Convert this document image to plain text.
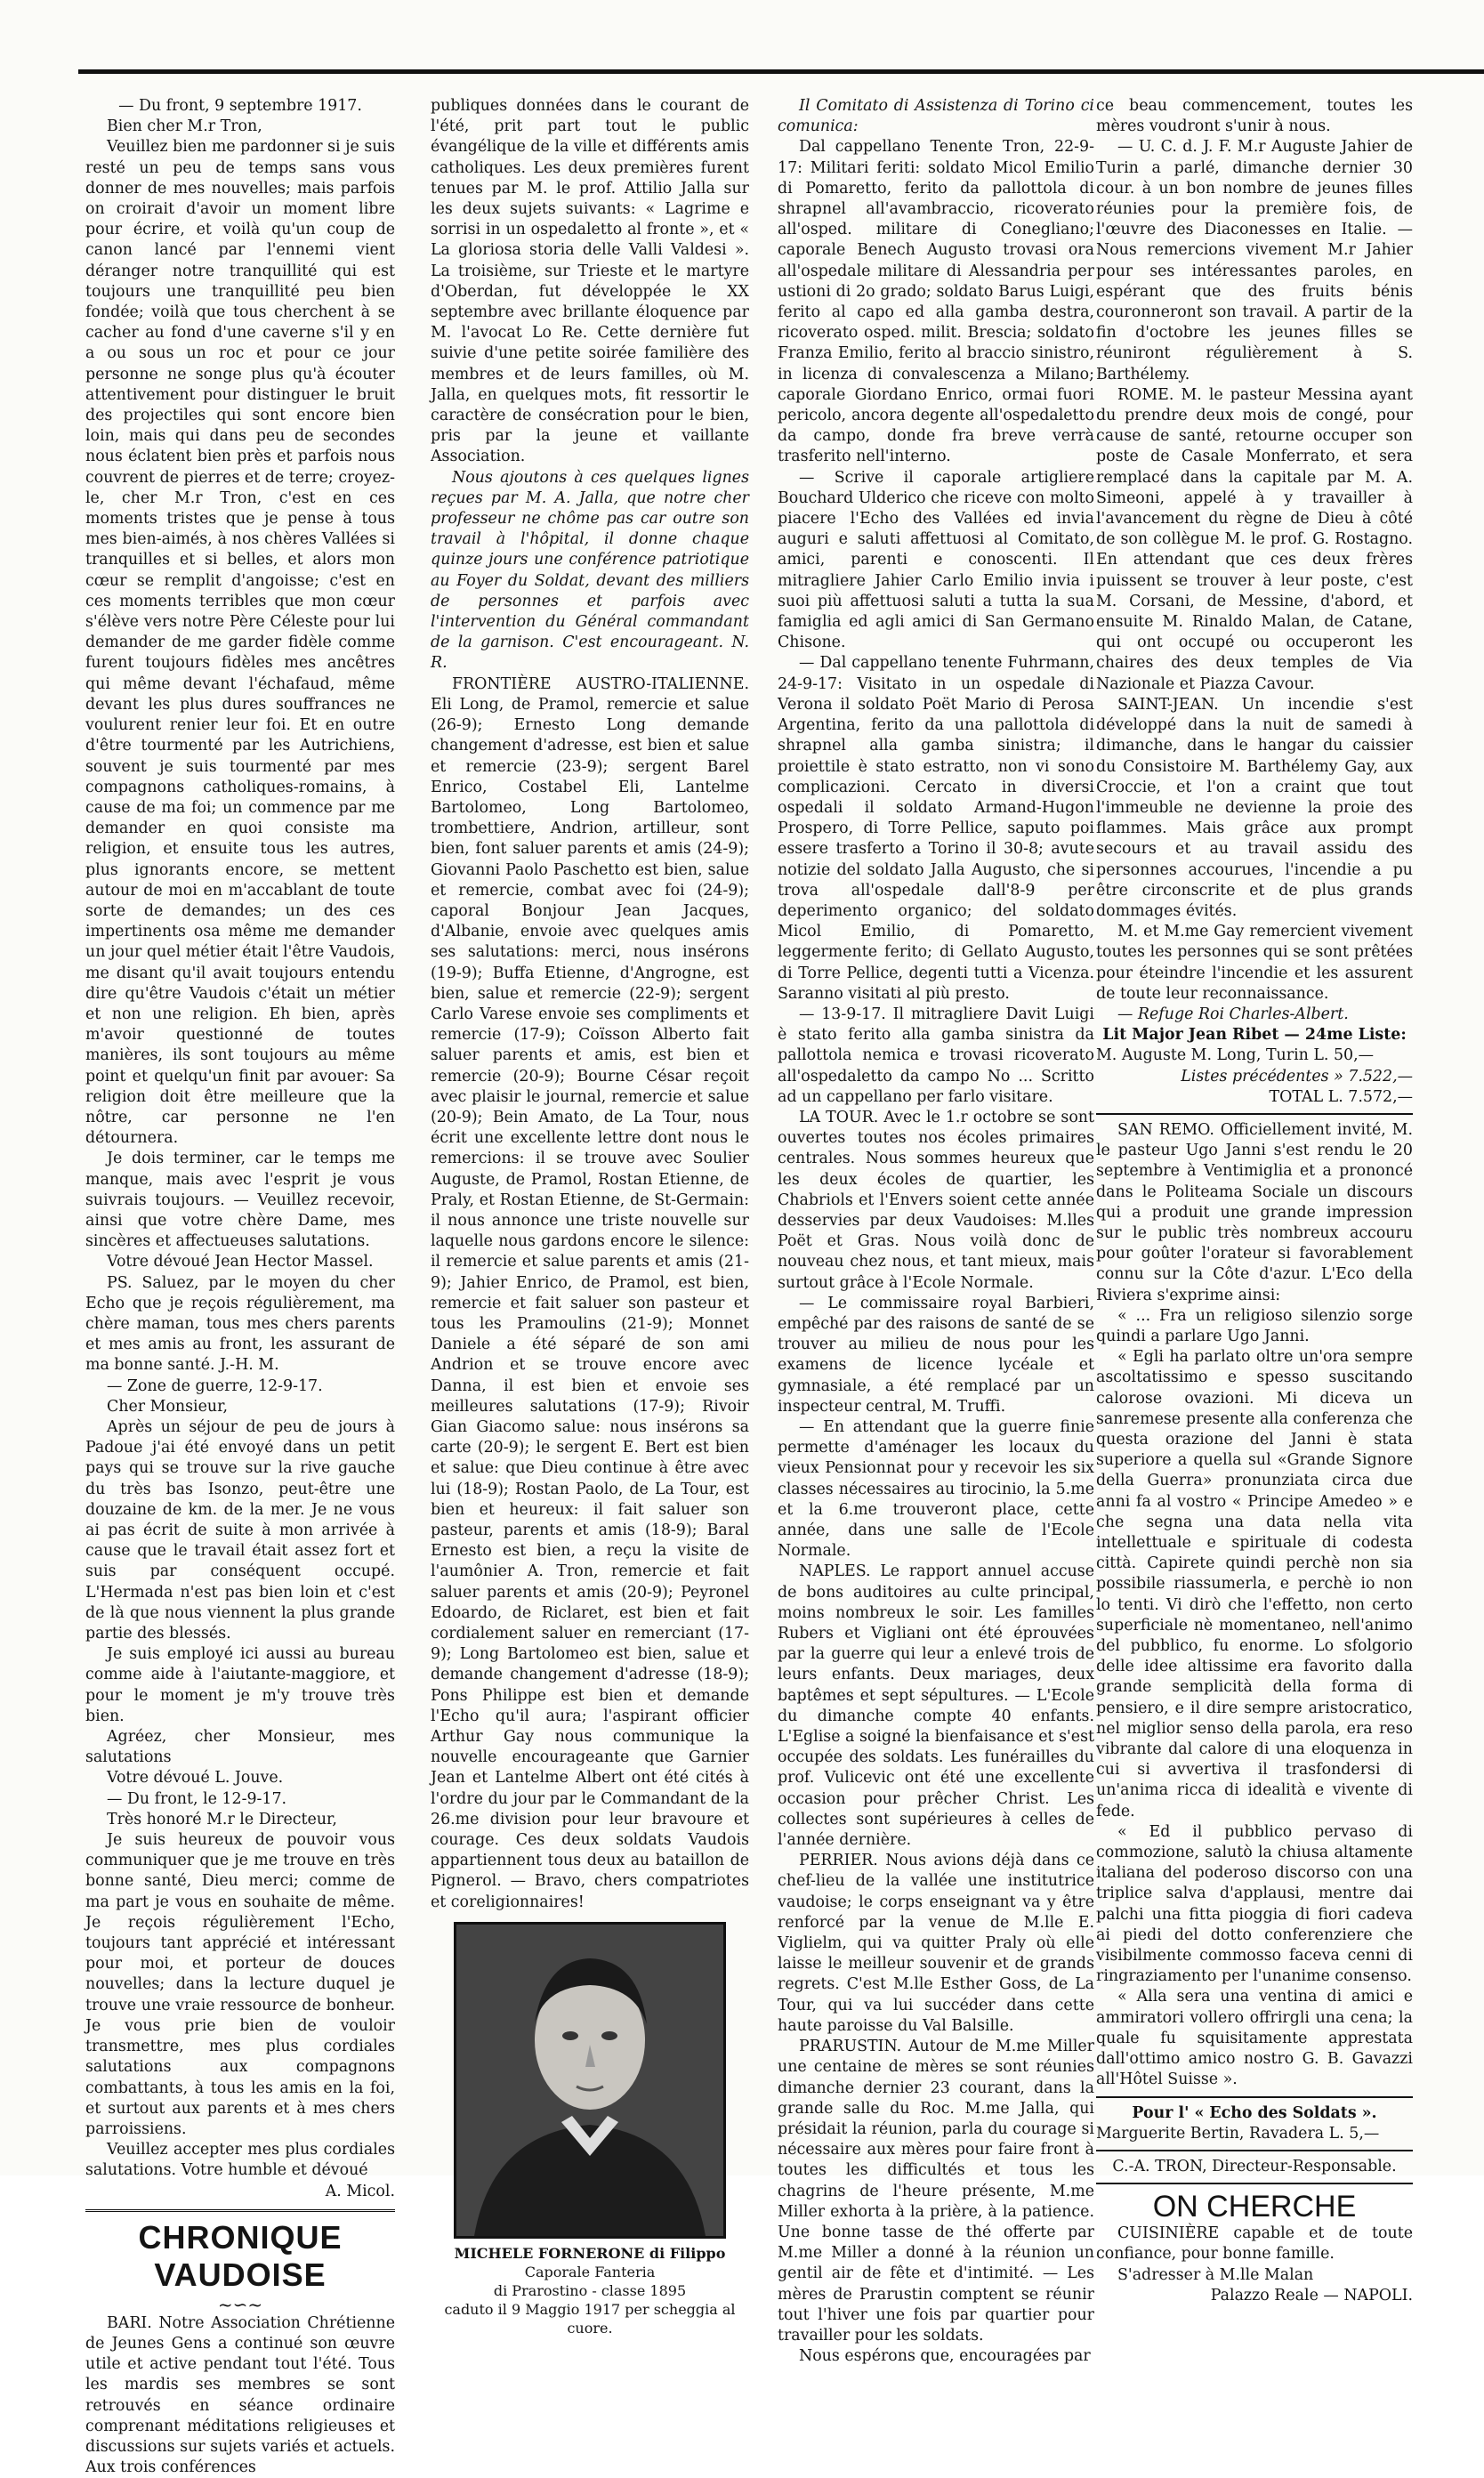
— Du front, 9 septembre 1917.

Bien cher M.r Tron,

Veuillez bien me pardonner si je suis resté un peu de temps sans vous donner de mes nouvelles; mais parfois on croirait d'avoir un moment libre pour écrire, et voilà qu'un coup de canon lancé par l'ennemi vient déranger notre tranquillité qui est toujours une tranquillité peu bien fondée; voilà que tous cherchent à se cacher au fond d'une caverne s'il y en a ou sous un roc et pour ce jour personne ne songe plus qu'à écouter attentivement pour distinguer le bruit des projectiles qui sont encore bien loin, mais qui dans peu de secondes nous éclatent bien près et parfois nous couvrent de pierres et de terre; croyez-le, cher M.r Tron, c'est en ces moments tristes que je pense à tous mes bien-aimés, à nos chères Vallées si tranquilles et si belles, et alors mon cœur se remplit d'angoisse; c'est en ces moments terribles que mon cœur s'élève vers notre Père Céleste pour lui demander de me garder fidèle comme furent toujours fidèles mes ancêtres qui même devant l'échafaud, même devant les plus dures souffrances ne voulurent renier leur foi. Et en outre d'être tourmenté par les Autrichiens, souvent je suis tourmenté par mes compagnons catholiques-romains, à cause de ma foi; un commence par me demander en quoi consiste ma religion, et ensuite tous les autres, plus ignorants encore, se mettent autour de moi en m'accablant de toute sorte de demandes; un des ces impertinents osa même me demander un jour quel métier était l'être Vaudois, me disant qu'il avait toujours entendu dire qu'être Vaudois c'était un métier et non une religion. Eh bien, après m'avoir questionné de toutes manières, ils sont toujours au même point et quelqu'un finit par avouer: Sa religion doit être meilleure que la nôtre, car personne ne l'en détournera.

Je dois terminer, car le temps me manque, mais avec l'esprit je vous suivrais toujours. — Veuillez recevoir, ainsi que votre chère Dame, mes sincères et affectueuses salutations.

Votre dévoué Jean Hector Massel.

PS. Saluez, par le moyen du cher Echo que je reçois régulièrement, ma chère maman, tous mes chers parents et mes amis au front, les assurant de ma bonne santé. J.-H. M.

— Zone de guerre, 12-9-17.

Cher Monsieur,

Après un séjour de peu de jours à Padoue j'ai été envoyé dans un petit pays qui se trouve sur la rive gauche du très bas Isonzo, peut-être une douzaine de km. de la mer. Je ne vous ai pas écrit de suite à mon arrivée à cause que le travail était assez fort et suis par conséquent occupé. L'Hermada n'est pas bien loin et c'est de là que nous viennent la plus grande partie des blessés.

Je suis employé ici aussi au bureau comme aide à l'aiutante-maggiore, et pour le moment je m'y trouve très bien.

Agréez, cher Monsieur, mes salutations

Votre dévoué L. Jouve.

— Du front, le 12-9-17.

Très honoré M.r le Directeur,

Je suis heureux de pouvoir vous communiquer que je me trouve en très bonne santé, Dieu merci; comme de ma part je vous en souhaite de même. Je reçois régulièrement l'Echo, toujours tant apprécié et intéressant pour moi, et porteur de douces nouvelles; dans la lecture duquel je trouve une vraie ressource de bonheur. Je vous prie bien de vouloir transmettre, mes plus cordiales salutations aux compagnons combattants, à tous les amis en la foi, et surtout aux parents et à mes chers parroissiens.

Veuillez accepter mes plus cordiales salutations. Votre humble et dévoué

A. Micol.

CHRONIQUE VAUDOISE
~∽~

BARI. Notre Association Chrétienne de Jeunes Gens a continué son œuvre utile et active pendant tout l'été. Tous les mardis ses membres se sont retrouvés en séance ordinaire comprenant méditations religieuses et discussions sur sujets variés et actuels. Aux trois conférences

publiques données dans le courant de l'été, prit part tout le public évangélique de la ville et différents amis catholiques. Les deux premières furent tenues par M. le prof. Attilio Jalla sur les deux sujets suivants: « Lagrime e sorrisi in un ospedaletto al fronte », et « La gloriosa storia delle Valli Valdesi ». La troisième, sur Trieste et le martyre d'Oberdan, fut développée le XX septembre avec brillante éloquence par M. l'avocat Lo Re. Cette dernière fut suivie d'une petite soirée familière des membres et de leurs familles, où M. Jalla, en quelques mots, fit ressortir le caractère de consécration pour le bien, pris par la jeune et vaillante Association.

Nous ajoutons à ces quelques lignes reçues par M. A. Jalla, que notre cher professeur ne chôme pas car outre son travail à l'hôpital, il donne chaque quinze jours une conférence patriotique au Foyer du Soldat, devant des milliers de personnes et parfois avec l'intervention du Général commandant de la garnison. C'est encourageant. N. R.

FRONTIÈRE AUSTRO-ITALIENNE. Eli Long, de Pramol, remercie et salue (26-9); Ernesto Long demande changement d'adresse, est bien et salue et remercie (23-9); sergent Barel Enrico, Costabel Eli, Lantelme Bartolomeo, Long Bartolomeo, trombettiere, Andrion, artilleur, sont bien, font saluer parents et amis (24-9); Giovanni Paolo Paschetto est bien, salue et remercie, combat avec foi (24-9); caporal Bonjour Jean Jacques, d'Albanie, envoie avec quelques amis ses salutations: merci, nous insérons (19-9); Buffa Etienne, d'Angrogne, est bien, salue et remercie (22-9); sergent Carlo Varese envoie ses compliments et remercie (17-9); Coïsson Alberto fait saluer parents et amis, est bien et remercie (20-9); Bourne César reçoit avec plaisir le journal, remercie et salue (20-9); Bein Amato, de La Tour, nous écrit une excellente lettre dont nous le remercions: il se trouve avec Soulier Auguste, de Pramol, Rostan Etienne, de Praly, et Rostan Etienne, de St-Germain: il nous annonce une triste nouvelle sur laquelle nous gardons encore le silence: il remercie et salue parents et amis (21-9); Jahier Enrico, de Pramol, est bien, remercie et fait saluer son pasteur et tous les Pramoulins (21-9); Monnet Daniele a été séparé de son ami Andrion et se trouve encore avec Danna, il est bien et envoie ses meilleures salutations (17-9); Rivoir Gian Giacomo salue: nous insérons sa carte (20-9); le sergent E. Bert est bien et salue: que Dieu continue à être avec lui (18-9); Rostan Paolo, de La Tour, est bien et heureux: il fait saluer son pasteur, parents et amis (18-9); Baral Ernesto est bien, a reçu la visite de l'aumônier A. Tron, remercie et fait saluer parents et amis (20-9); Peyronel Edoardo, de Riclaret, est bien et fait cordialement saluer en remerciant (17-9); Long Bartolomeo est bien, salue et demande changement d'adresse (18-9); Pons Philippe est bien et demande l'Echo qu'il aura; l'aspirant officier Arthur Gay nous communique la nouvelle encourageante que Garnier Jean et Lantelme Albert ont été cités à l'ordre du jour par le Commandant de la 26.me division pour leur bravoure et courage. Ces deux soldats Vaudois appartiennent tous deux au bataillon de Pignerol. — Bravo, chers compatriotes et coreligionnaires!

MICHELE FORNERONE di Filippo
Caporale Fanteria
di Prarostino - classe 1895
caduto il 9 Maggio 1917 per scheggia al cuore.

Il Comitato di Assistenza di Torino ci comunica:

Dal cappellano Tenente Tron, 22-9-17: Militari feriti: soldato Micol Emilio di Pomaretto, ferito da pallottola di shrapnel all'avambraccio, ricoverato all'osped. militare di Conegliano; caporale Benech Augusto trovasi ora all'ospedale militare di Alessandria per ustioni di 2o grado; soldato Barus Luigi, ferito al capo ed alla gamba destra, ricoverato osped. milit. Brescia; soldato Franza Emilio, ferito al braccio sinistro, in licenza di convalescenza a Milano; caporale Giordano Enrico, ormai fuori pericolo, ancora degente all'ospedaletto da campo, donde fra breve verrà trasferito nell'interno.

— Scrive il caporale artigliere Bouchard Ulderico che riceve con molto piacere l'Echo des Vallées ed invia auguri e saluti affettuosi al Comitato, amici, parenti e conoscenti. Il mitragliere Jahier Carlo Emilio invia i suoi più affettuosi saluti a tutta la sua famiglia ed agli amici di San Germano Chisone.

— Dal cappellano tenente Fuhrmann, 24-9-17: Visitato in un ospedale di Verona il soldato Poët Mario di Perosa Argentina, ferito da una pallottola di shrapnel alla gamba sinistra; il proiettile è stato estratto, non vi sono complicazioni. Cercato in diversi ospedali il soldato Armand-Hugon Prospero, di Torre Pellice, saputo poi essere trasferto a Torino il 30-8; avute notizie del soldato Jalla Augusto, che si trova all'ospedale dall'8-9 per deperimento organico; del soldato Micol Emilio, di Pomaretto, leggermente ferito; di Gellato Augusto, di Torre Pellice, degenti tutti a Vicenza. Saranno visitati al più presto.

— 13-9-17. Il mitragliere Davit Luigi è stato ferito alla gamba sinistra da pallottola nemica e trovasi ricoverato all'ospedaletto da campo No ... Scritto ad un cappellano per farlo visitare.

LA TOUR. Avec le 1.r octobre se sont ouvertes toutes nos écoles primaires centrales. Nous sommes heureux que les deux écoles de quartier, les Chabriols et l'Envers soient cette année desservies par deux Vaudoises: M.lles Poët et Gras. Nous voilà donc de nouveau chez nous, et tant mieux, mais surtout grâce à l'Ecole Normale.

— Le commissaire royal Barbieri, empêché par des raisons de santé de se trouver au milieu de nous pour les examens de licence lycéale et gymnasiale, a été remplacé par un inspecteur central, M. Truffi.

— En attendant que la guerre finie permette d'aménager les locaux du vieux Pensionnat pour y recevoir les six classes nécessaires au tirocinio, la 5.me et la 6.me trouveront place, cette année, dans une salle de l'Ecole Normale.

NAPLES. Le rapport annuel accuse de bons auditoires au culte principal, moins nombreux le soir. Les familles Rubers et Vigliani ont été éprouvées par la guerre qui leur a enlevé trois de leurs enfants. Deux mariages, deux baptêmes et sept sépultures. — L'Ecole du dimanche compte 40 enfants. L'Eglise a soigné la bienfaisance et s'est occupée des soldats. Les funérailles du prof. Vulicevic ont été une excellente occasion pour prêcher Christ. Les collectes sont supérieures à celles de l'année dernière.

PERRIER. Nous avions déjà dans ce chef-lieu de la vallée une institutrice vaudoise; le corps enseignant va y être renforcé par la venue de M.lle E. Viglielm, qui va quitter Praly où elle laisse le meilleur souvenir et de grands regrets. C'est M.lle Esther Goss, de La Tour, qui va lui succéder dans cette haute paroisse du Val Balsille.

PRARUSTIN. Autour de M.me Miller une centaine de mères se sont réunies dimanche dernier 23 courant, dans la grande salle du Roc. M.me Jalla, qui présidait la réunion, parla du courage si nécessaire aux mères pour faire front à toutes les difficultés et tous les chagrins de l'heure présente, M.me Miller exhorta à la prière, à la patience. Une bonne tasse de thé offerte par M.me Miller a donné à la réunion un gentil air de fête et d'intimité. — Les mères de Prarustin comptent se réunir tout l'hiver une fois par quartier pour travailler pour les soldats.

Nous espérons que, encouragées par

ce beau commencement, toutes les mères voudront s'unir à nous.

— U. C. d. J. F. M.r Auguste Jahier de Turin a parlé, dimanche dernier 30 cour. à un bon nombre de jeunes filles réunies pour la première fois, de l'œuvre des Diaconesses en Italie. — Nous remercions vivement M.r Jahier pour ses intéressantes paroles, en espérant que des fruits bénis couronneront son travail. A partir de la fin d'octobre les jeunes filles se réuniront régulièrement à S. Barthélemy.

ROME. M. le pasteur Messina ayant du prendre deux mois de congé, pour cause de santé, retourne occuper son poste de Casale Monferrato, et sera remplacé dans la capitale par M. A. Simeoni, appelé à y travailler à l'avancement du règne de Dieu à côté de son collègue M. le prof. G. Rostagno. En attendant que ces deux frères puissent se trouver à leur poste, c'est M. Corsani, de Messine, d'abord, et ensuite M. Rinaldo Malan, de Catane, qui ont occupé ou occuperont les chaires des deux temples de Via Nazionale et Piazza Cavour.

SAINT-JEAN. Un incendie s'est développé dans la nuit de samedi à dimanche, dans le hangar du caissier du Consistoire M. Barthélemy Gay, aux Croccie, et l'on a craint que tout l'immeuble ne devienne la proie des flammes. Mais grâce aux prompt secours et au travail assidu des personnes accourues, l'incendie a pu être circonscrite et de plus grands dommages évités.

M. et M.me Gay remercient vivement toutes les personnes qui se sont prêtées pour éteindre l'incendie et les assurent de toute leur reconnaissance.

— Refuge Roi Charles-Albert.

Lit Major Jean Ribet — 24me Liste:

M. Auguste M. Long, Turin L. 50,—

Listes précédentes » 7.522,—

TOTAL L. 7.572,—

SAN REMO. Officiellement invité, M. le pasteur Ugo Janni s'est rendu le 20 septembre à Ventimiglia et a prononcé dans le Politeama Sociale un discours qui a produit une grande impression sur le public très nombreux accouru pour goûter l'orateur si favorablement connu sur la Côte d'azur. L'Eco della Riviera s'exprime ainsi:

« ... Fra un religioso silenzio sorge quindi a parlare Ugo Janni.

« Egli ha parlato oltre un'ora sempre ascoltatissimo e spesso suscitando calorose ovazioni. Mi diceva un sanremese presente alla conferenza che questa orazione del Janni è stata superiore a quella sul «Grande Signore della Guerra» pronunziata circa due anni fa al vostro « Principe Amedeo » e che segna una data nella vita intellettuale e spirituale di codesta città. Capirete quindi perchè non sia possibile riassumerla, e perchè io non lo tenti. Vi dirò che l'effetto, non certo superficiale nè momentaneo, nell'animo del pubblico, fu enorme. Lo sfolgorio delle idee altissime era favorito dalla grande semplicità della forma di pensiero, e il dire sempre aristocratico, nel miglior senso della parola, era reso vibrante dal calore di una eloquenza in cui si avvertiva il trasfondersi di un'anima ricca di idealità e vivente di fede.

« Ed il pubblico pervaso di commozione, salutò la chiusa altamente italiana del poderoso discorso con una triplice salva d'applausi, mentre dai palchi una fitta pioggia di fiori cadeva ai piedi del dotto conferenziere che visibilmente commosso faceva cenni di ringraziamento per l'unanime consenso.

« Alla sera una ventina di amici e ammiratori vollero offrirgli una cena; la quale fu squisitamente apprestata dall'ottimo amico nostro G. B. Gavazzi all'Hôtel Suisse ».

Pour l' « Echo des Soldats ».

Marguerite Bertin, Ravadera L. 5,—

C.-A. TRON, Directeur-Responsable.

ON CHERCHE

CUISINIÈRE capable et de toute confiance, pour bonne famille.

S'adresser à M.lle Malan

Palazzo Reale — NAPOLI.
